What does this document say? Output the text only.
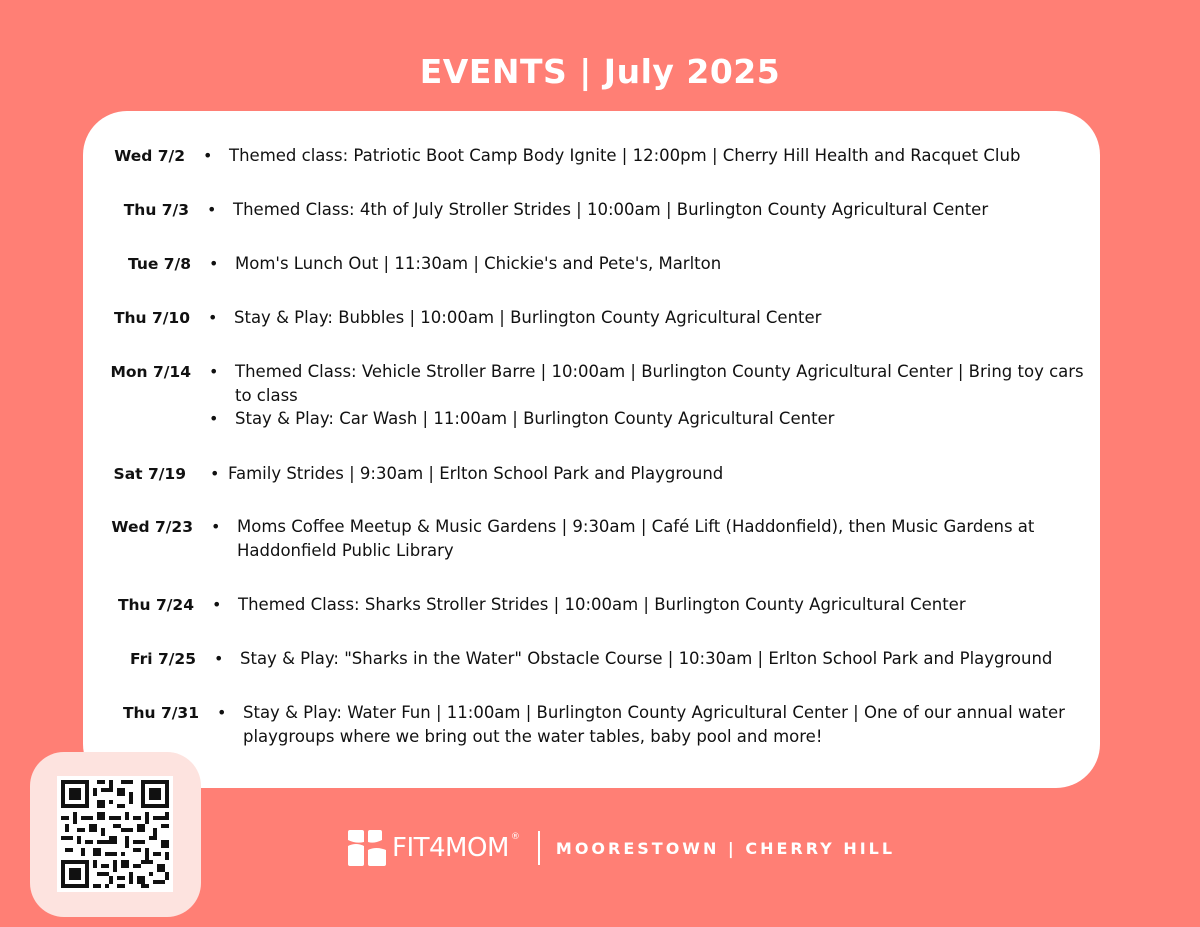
EVENTS | July 2025
Wed 7/2 • Themed class: Patriotic Boot Camp Body Ignite | 12:00pm | Cherry Hill Health and Racquet Club
Thu 7/3 • Themed Class: 4th of July Stroller Strides | 10:00am | Burlington County Agricultural Center
Tue 7/8 • Mom's Lunch Out | 11:30am | Chickie's and Pete's, Marlton
Thu 7/10 • Stay & Play: Bubbles | 10:00am | Burlington County Agricultural Center
Mon 7/14 • Themed Class: Vehicle Stroller Barre | 10:00am | Burlington County Agricultural Center | Bring toy cars to class
• Stay & Play: Car Wash | 11:00am | Burlington County Agricultural Center
Sat 7/19 • Family Strides | 9:30am | Erlton School Park and Playground
Wed 7/23 • Moms Coffee Meetup & Music Gardens | 9:30am | Café Lift (Haddonfield), then Music Gardens at Haddonfield Public Library
Thu 7/24 • Themed Class: Sharks Stroller Strides | 10:00am | Burlington County Agricultural Center
Fri 7/25 • Stay & Play: "Sharks in the Water" Obstacle Course | 10:30am | Erlton School Park and Playground
Thu 7/31 • Stay & Play: Water Fun | 11:00am | Burlington County Agricultural Center | One of our annual water playgroups where we bring out the water tables, baby pool and more!
FIT4MOM ®
MOORESTOWN | CHERRY HILL
